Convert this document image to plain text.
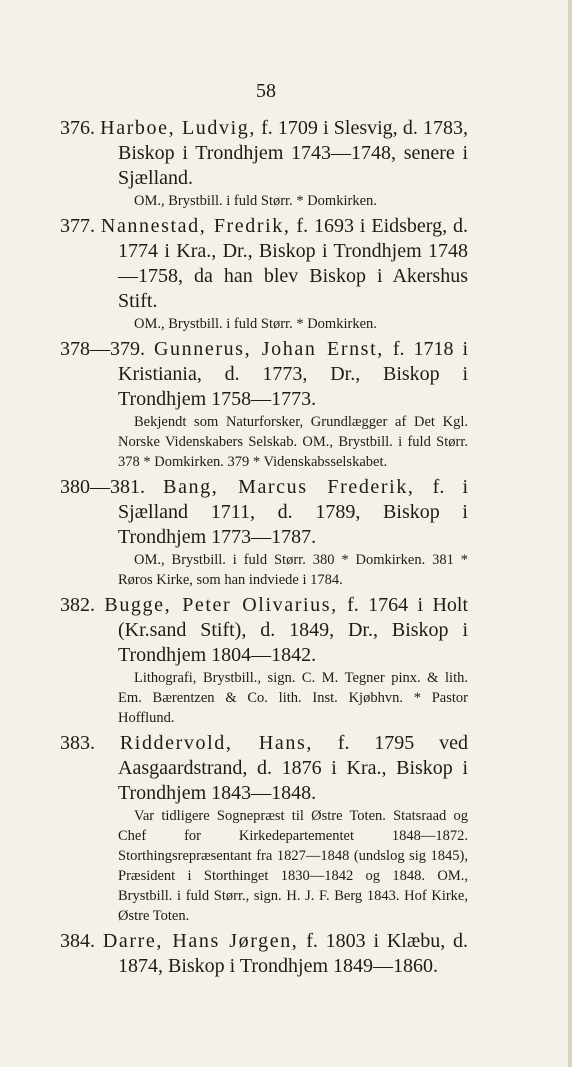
58
376. Harboe, Ludvig, f. 1709 i Slesvig, d. 1783, Biskop i Trondhjem 1743—1748, senere i Sjælland.
OM., Brystbill. i fuld Størr. * Domkirken.
377. Nannestad, Fredrik, f. 1693 i Eidsberg, d. 1774 i Kra., Dr., Biskop i Trondhjem 1748—1758, da han blev Biskop i Akershus Stift.
OM., Brystbill. i fuld Størr. * Domkirken.
378—379. Gunnerus, Johan Ernst, f. 1718 i Kristiania, d. 1773, Dr., Biskop i Trondhjem 1758—1773.
Bekjendt som Naturforsker, Grundlægger af Det Kgl. Norske Videnskabers Selskab. OM., Brystbill. i fuld Størr. 378 * Domkirken. 379 * Videnskabsselskabet.
380—381. Bang, Marcus Frederik, f. i Sjælland 1711, d. 1789, Biskop i Trondhjem 1773—1787.
OM., Brystbill. i fuld Størr. 380 * Domkirken. 381 * Røros Kirke, som han indviede i 1784.
382. Bugge, Peter Olivarius, f. 1764 i Holt (Kr.sand Stift), d. 1849, Dr., Biskop i Trondhjem 1804—1842.
Lithografi, Brystbill., sign. C. M. Tegner pinx. & lith. Em. Bærentzen & Co. lith. Inst. Kjøbhvn. * Pastor Hofflund.
383. Riddervold, Hans, f. 1795 ved Aasgaardstrand, d. 1876 i Kra., Biskop i Trondhjem 1843—1848.
Var tidligere Sognepræst til Østre Toten. Statsraad og Chef for Kirkedepartementet 1848—1872. Storthingsrepræsentant fra 1827—1848 (undslog sig 1845), Præsident i Storthinget 1830—1842 og 1848. OM., Brystbill. i fuld Størr., sign. H. J. F. Berg 1843. Hof Kirke, Østre Toten.
384. Darre, Hans Jørgen, f. 1803 i Klæbu, d. 1874, Biskop i Trondhjem 1849—1860.
